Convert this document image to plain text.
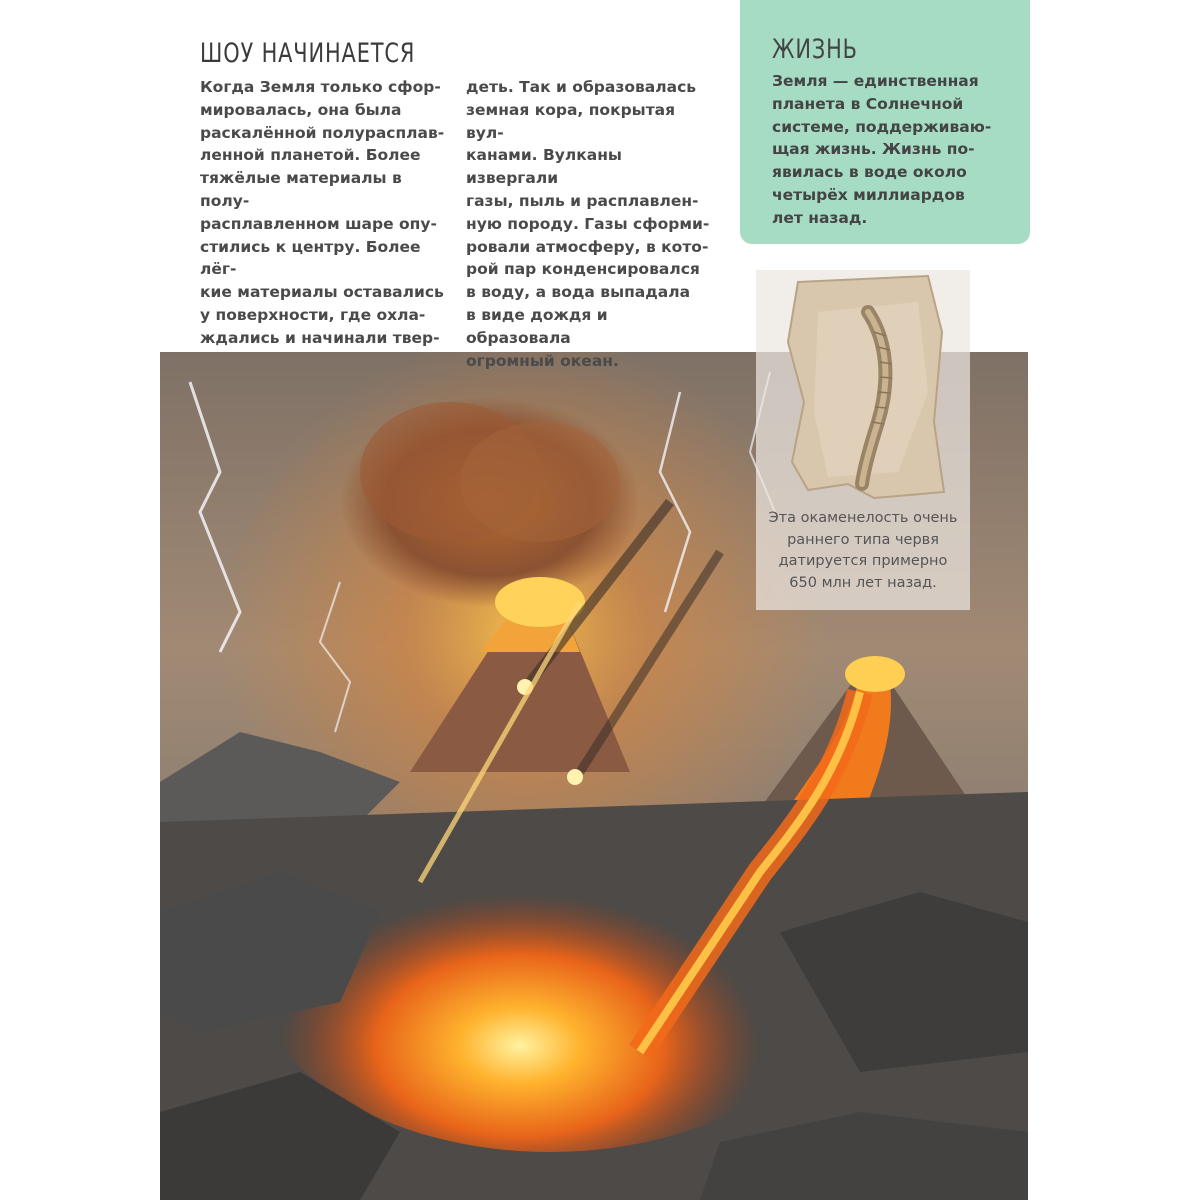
ШОУ НАЧИНАЕТСЯ

Когда Земля только сфор-
мировалась, она была
раскалённой полурасплав-
ленной планетой. Более
тяжёлые материалы в полу-
расплавленном шаре опу-
стились к центру. Более лёг-
кие материалы оставались
у поверхности, где охла-
ждались и начинали твер-

деть. Так и образовалась
земная кора, покрытая вул-
канами. Вулканы извергали
газы, пыль и расплавлен-
ную породу. Газы сформи-
ровали атмосферу, в кото-
рой пар конденсировался
в воду, а вода выпадала
в виде дождя и образовала
огромный океан.

ЖИЗНЬ

Земля — единственная
планета в Солнечной
системе, поддерживаю-
щая жизнь. Жизнь по-
явилась в воде около
четырёх миллиардов
лет назад.

Эта окаменелость очень
раннего типа червя
датируется примерно
650 млн лет назад.
